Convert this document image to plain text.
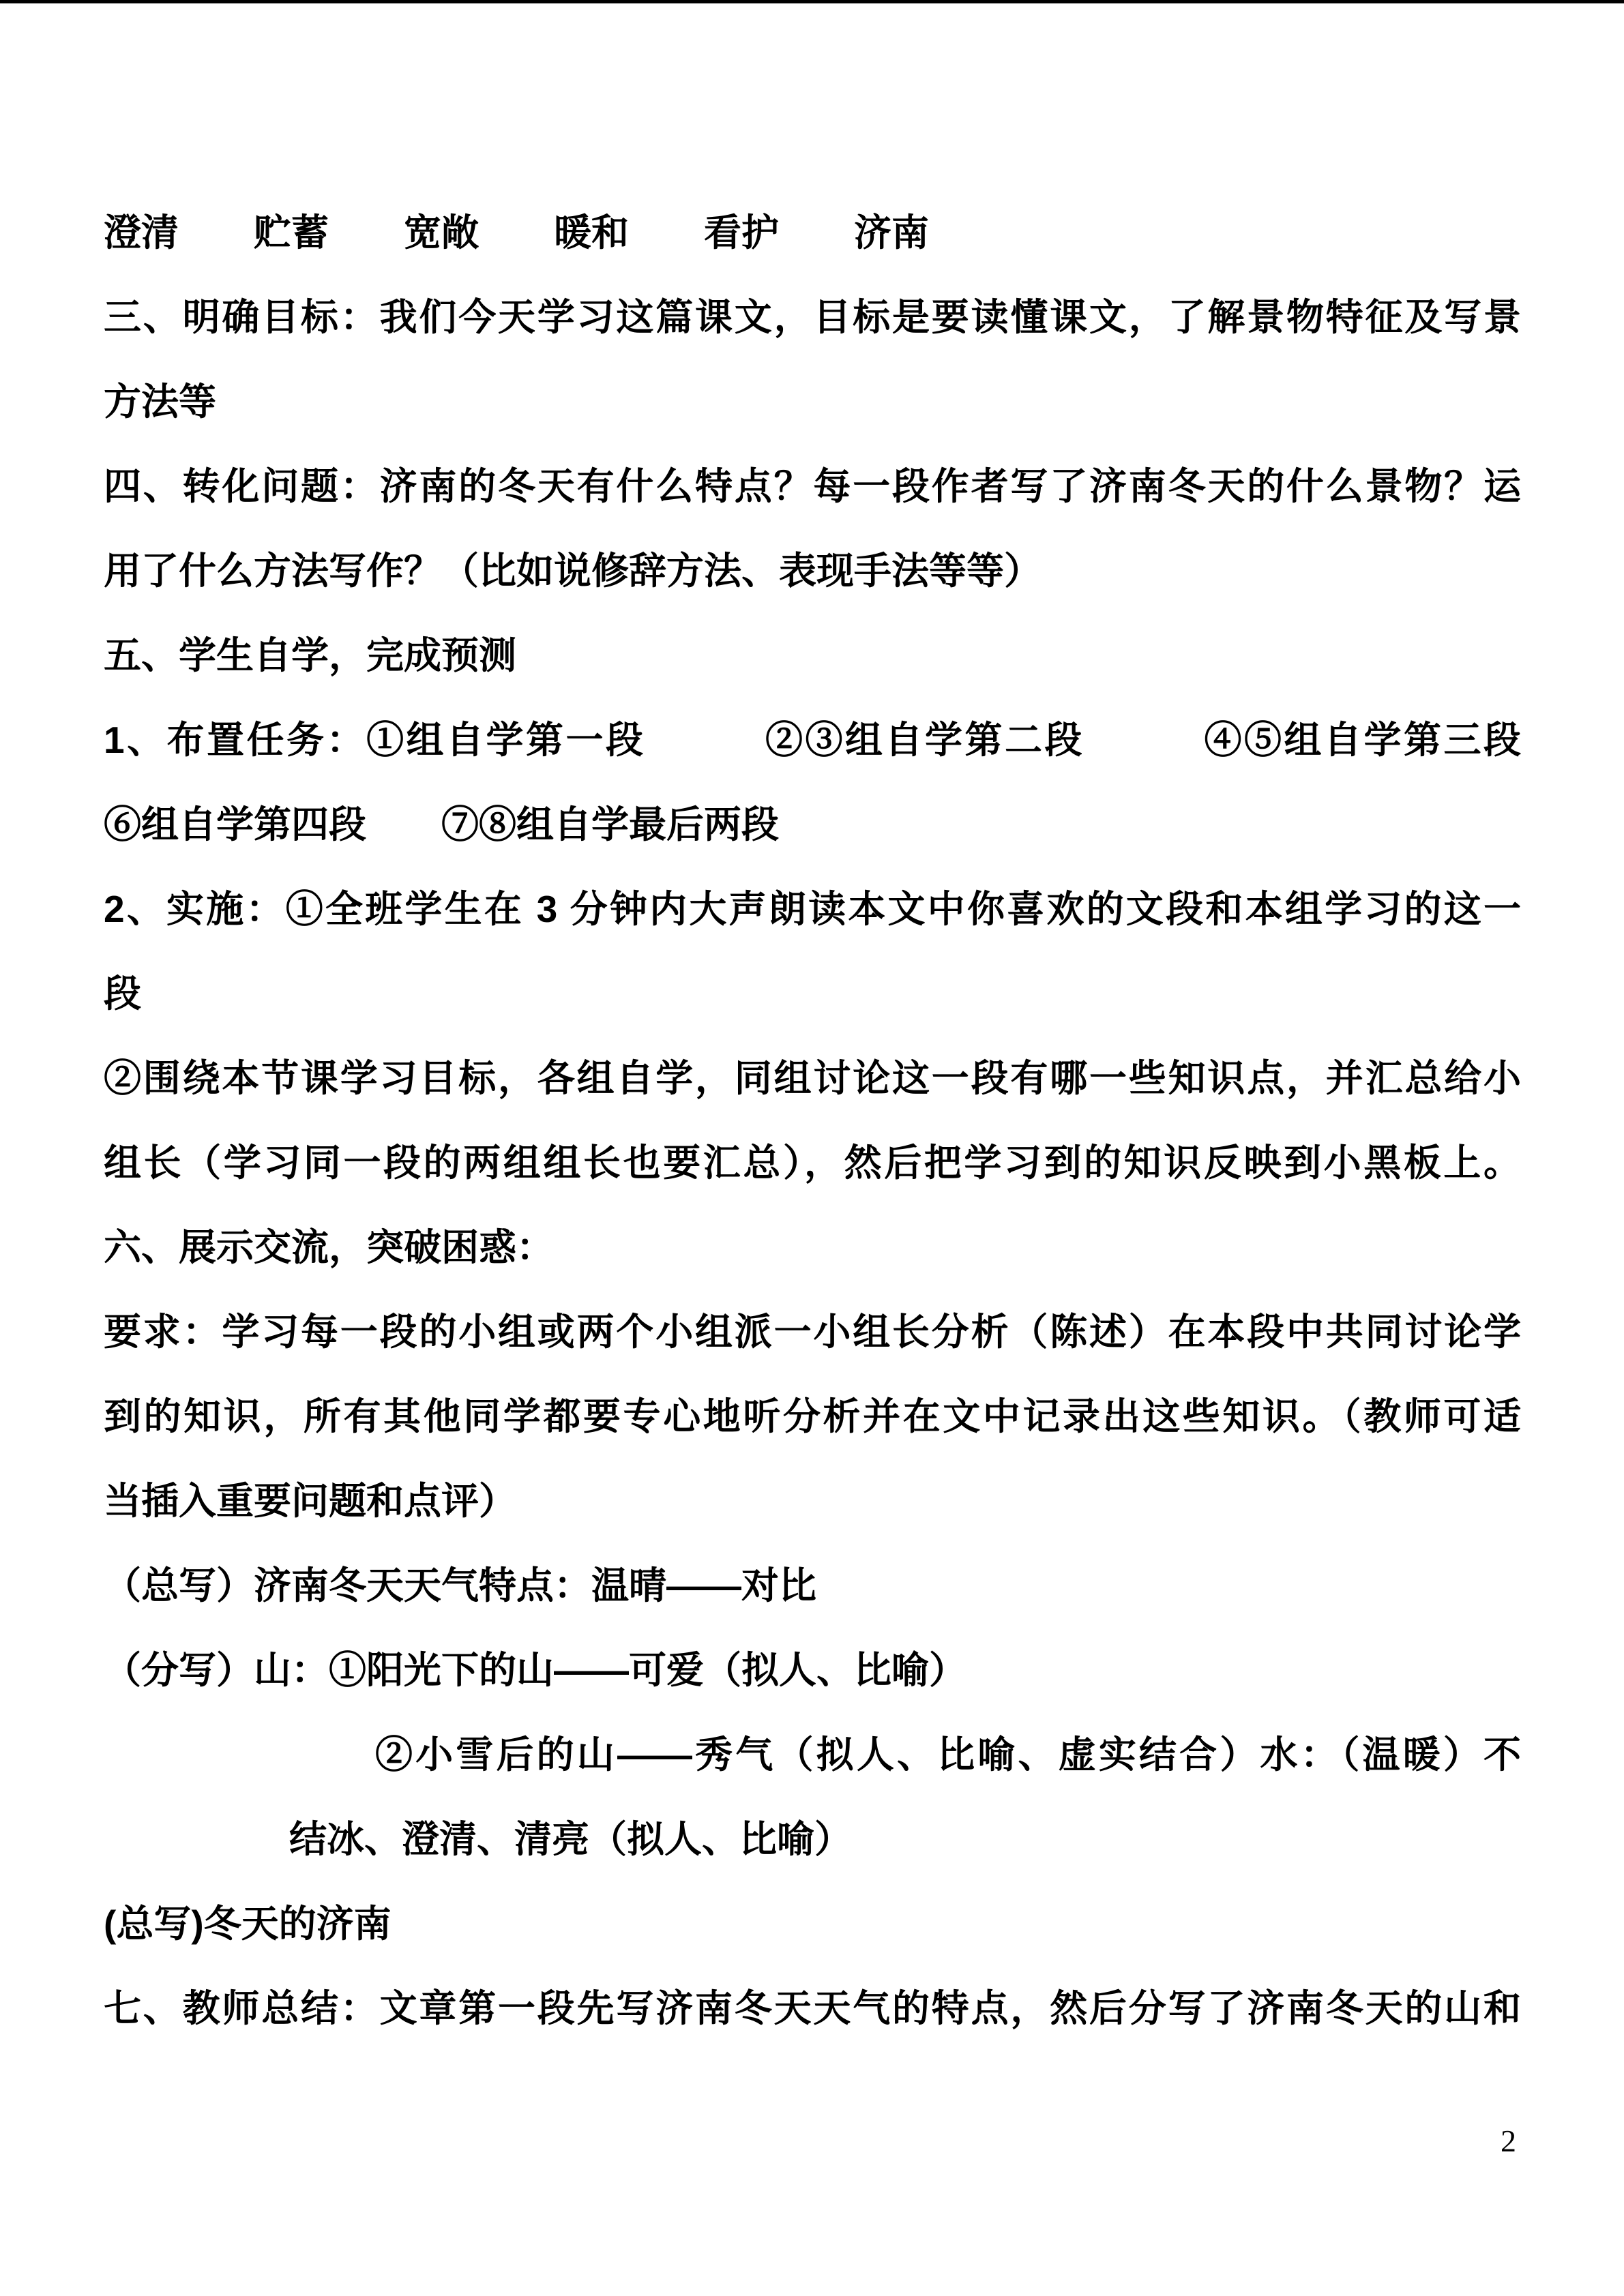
澄清　　贮蓄　　宽敞　　暖和　　看护　　济南

三、明确目标：我们今天学习这篇课文，目标是要读懂课文，了解景物特征及写景

方法等

四、转化问题：济南的冬天有什么特点？每一段作者写了济南冬天的什么景物？运

用了什么方法写作？（比如说修辞方法、表现手法等等）

五、学生自学，完成预测

1、布置任务：①组自学第一段　　　②③组自学第二段　　　④⑤组自学第三段

⑥组自学第四段　　⑦⑧组自学最后两段

2、实施：①全班学生在 3 分钟内大声朗读本文中你喜欢的文段和本组学习的这一

段

②围绕本节课学习目标，各组自学，同组讨论这一段有哪一些知识点，并汇总给小

组长（学习同一段的两组组长也要汇总），然后把学习到的知识反映到小黑板上。

六、展示交流，突破困惑：

要求：学习每一段的小组或两个小组派一小组长分析（陈述）在本段中共同讨论学

到的知识，所有其他同学都要专心地听分析并在文中记录出这些知识。（教师可适

当插入重要问题和点评）

（总写）济南冬天天气特点：温晴——对比

（分写）山：①阳光下的山——可爱（拟人、比喻）

②小雪后的山——秀气（拟人、比喻、虚实结合）水：（温暖）不

结冰、澄清、清亮（拟人、比喻）

(总写)冬天的济南

七、教师总结：文章第一段先写济南冬天天气的特点，然后分写了济南冬天的山和

2
